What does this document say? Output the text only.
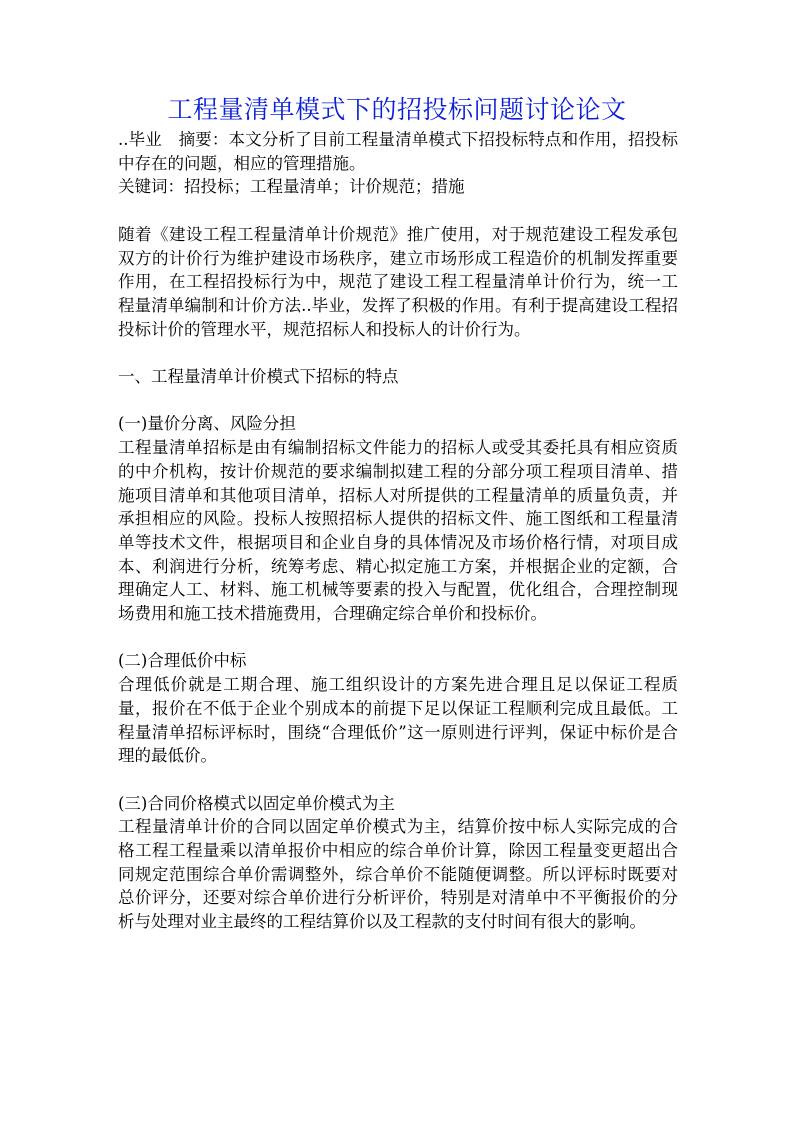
工程量清单模式下的招投标问题讨论论文

..毕业　摘要：本文分析了目前工程量清单模式下招投标特点和作用，招投标中存在的问题，相应的管理措施。

关键词：招投标；工程量清单；计价规范；措施

随着《建设工程工程量清单计价规范》推广使用，对于规范建设工程发承包双方的计价行为维护建设市场秩序，建立市场形成工程造价的机制发挥重要作用，在工程招投标行为中，规范了建设工程工程量清单计价行为，统一工程量清单编制和计价方法..毕业，发挥了积极的作用。有利于提高建设工程招投标计价的管理水平，规范招标人和投标人的计价行为。

一、工程量清单计价模式下招标的特点

(一)量价分离、风险分担

工程量清单招标是由有编制招标文件能力的招标人或受其委托具有相应资质的中介机构，按计价规范的要求编制拟建工程的分部分项工程项目清单、措施项目清单和其他项目清单，招标人对所提供的工程量清单的质量负责，并承担相应的风险。投标人按照招标人提供的招标文件、施工图纸和工程量清单等技术文件，根据项目和企业自身的具体情况及市场价格行情，对项目成本、利润进行分析，统筹考虑、精心拟定施工方案，并根据企业的定额，合理确定人工、材料、施工机械等要素的投入与配置，优化组合，合理控制现场费用和施工技术措施费用，合理确定综合单价和投标价。

(二)合理低价中标

合理低价就是工期合理、施工组织设计的方案先进合理且足以保证工程质量，报价在不低于企业个别成本的前提下足以保证工程顺利完成且最低。工程量清单招标评标时，围绕“合理低价”这一原则进行评判，保证中标价是合理的最低价。

(三)合同价格模式以固定单价模式为主

工程量清单计价的合同以固定单价模式为主，结算价按中标人实际完成的合格工程工程量乘以清单报价中相应的综合单价计算，除因工程量变更超出合同规定范围综合单价需调整外，综合单价不能随便调整。所以评标时既要对总价评分，还要对综合单价进行分析评价，特别是对清单中不平衡报价的分析与处理对业主最终的工程结算价以及工程款的支付时间有很大的影响。
